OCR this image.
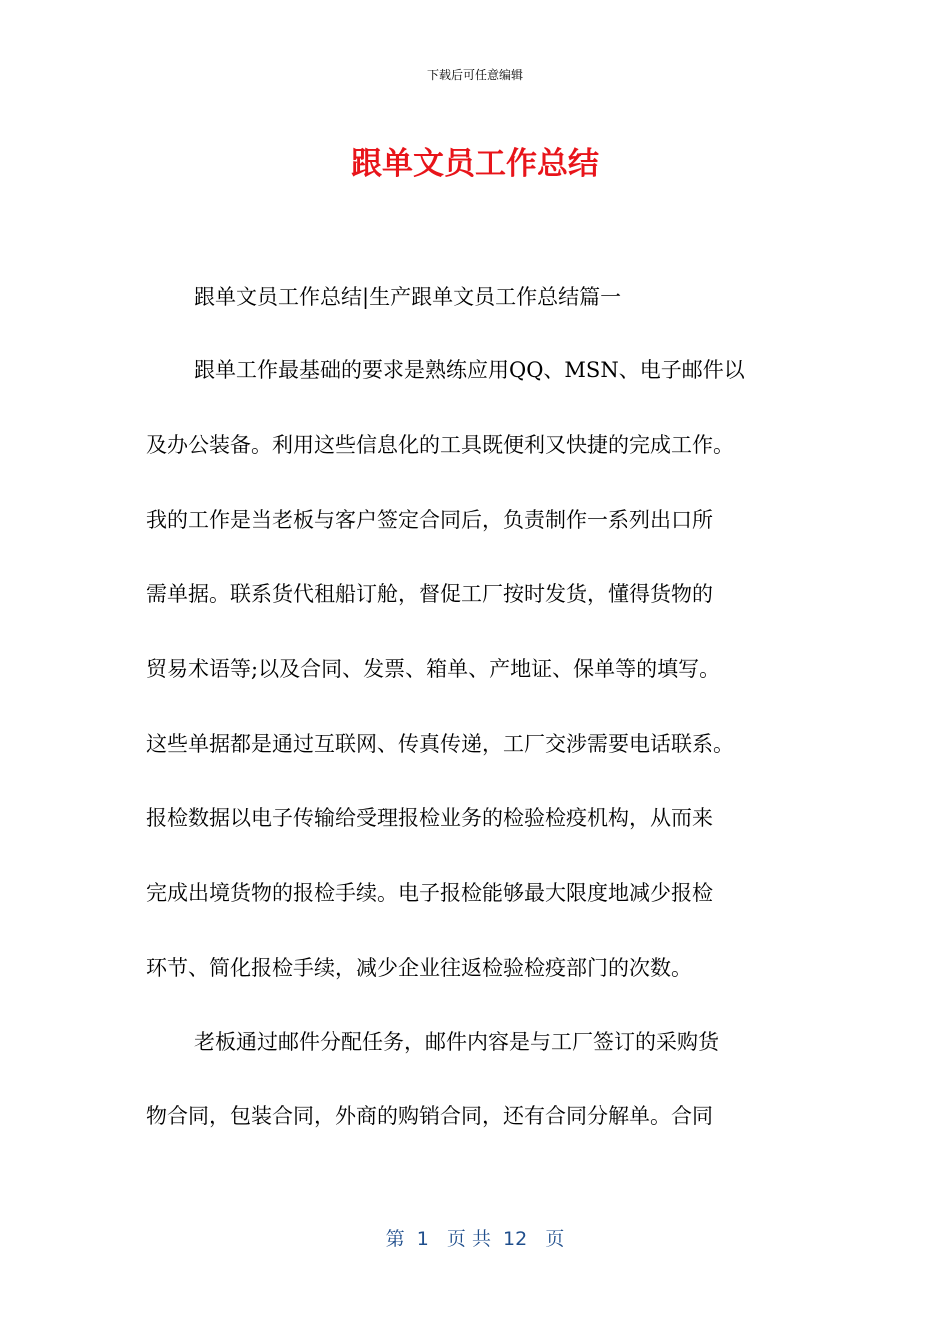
下载后可任意编辑
跟单文员工作总结
跟单文员工作总结|生产跟单文员工作总结篇一
跟单工作最基础的要求是熟练应用QQ、MSN、电子邮件以
及办公装备。利用这些信息化的工具既便利又快捷的完成工作。
我的工作是当老板与客户签定合同后，负责制作一系列出口所
需单据。联系货代租船订舱，督促工厂按时发货，懂得货物的
贸易术语等;以及合同、发票、箱单、产地证、保单等的填写。
这些单据都是通过互联网、传真传递，工厂交涉需要电话联系。
报检数据以电子传输给受理报检业务的检验检疫机构，从而来
完成出境货物的报检手续。电子报检能够最大限度地减少报检
环节、简化报检手续，减少企业往返检验检疫部门的次数。
老板通过邮件分配任务，邮件内容是与工厂签订的采购货
物合同，包装合同，外商的购销合同，还有合同分解单。合同
第  1   页 共  12   页
